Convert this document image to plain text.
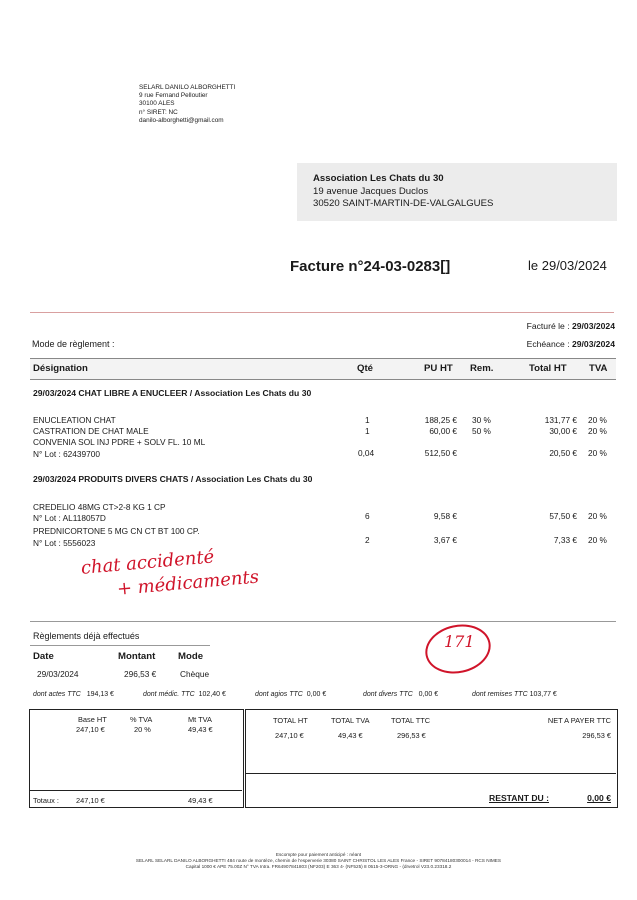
SELARL DANILO ALBORGHETTI
9 rue Fernand Pelloutier
30100 ALES
n° SIRET: NC
danilo-alborghetti@gmail.com
Association Les Chats du 30
19 avenue Jacques Duclos
30520 SAINT-MARTIN-DE-VALGALGUES
Facture n°24-03-0283[]	le 29/03/2024
Mode de règlement :
Facturé le : 29/03/2024
Echéance : 29/03/2024
Désignation	Qté	PU HT Rem.	Total HT TVA
29/03/2024 CHAT LIBRE A ENUCLEER / Association Les Chats du 30
ENUCLEATION CHAT	1	188,25 € 30 %	131,77 € 20 %
CASTRATION DE CHAT MALE	1	60,00 € 50 %	30,00 € 20 %
CONVENIA SOL INJ PDRE + SOLV FL. 10 ML
N° Lot : 62439700	0,04	512,50 €	20,50 € 20 %
29/03/2024 PRODUITS DIVERS CHATS / Association Les Chats du 30
CREDELIO 48MG CT>2-8 KG 1 CP
N° Lot : AL118057D	6	9,58 €	57,50 € 20 %
PREDNICORTONE 5 MG CN CT BT 100 CP.
N° Lot : 5556023	2	3,67 €	7,33 € 20 %
chat accidenté
+ médicaments
171
Règlements déjà effectués
Date	Montant Mode
29/03/2024	296,53 €	Chèque
dont actes TTC 194,13 €	dont médic. TTC 102,40 €	dont agios TTC 0,00 €	dont divers TTC 0,00 €	dont remises TTC 103,77 €
Base HT	% TVA	Mt TVA
247,10 €	20 %	49,43 €
Totaux : 247,10 €	49,43 €
TOTAL HT	TOTAL TVA	TOTAL TTC	NET A PAYER TTC
247,10 €	49,43 €	296,53 €	296,53 €
RESTANT DU :	0,00 €
Escompte pour paiement anticipé : néant
SELARL SELARL DANILO ALBORGHETTI 484 route de montèze, chemin de l'esperverie 30380 SAINT CHRISTOL LES ALES France - SIRET 90784180300014 - RCS NIMES
Capital 1000 € APE 75.00Z N° TVA Intra. FR64907841803 (NF203) E 363 4- (NF525) 8 0515-3-ORNG - (drvetrol V23.0.23318.2
